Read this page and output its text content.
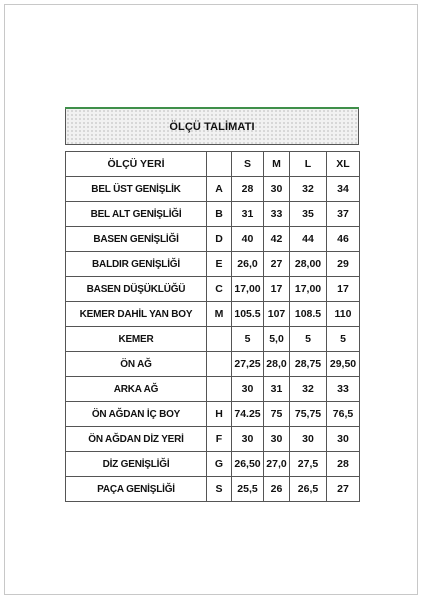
ÖLÇÜ TALİMATI
ÖLÇÜ YERİ		S	M	L	XL
BEL ÜST GENİŞLİK	A	28	30	32	34
BEL ALT GENİŞLİĞİ	B	31	33	35	37
BASEN GENİŞLİĞİ	D	40	42	44	46
BALDIR GENİŞLİĞİ	E	26,0	27	28,00	29
BASEN DÜŞÜKLÜĞÜ	C	17,00	17	17,00	17
KEMER DAHİL YAN BOY	M	105.5	107	108.5	110
KEMER		5	5,0	5	5
ÖN AĞ		27,25	28,0	28,75	29,50
ARKA AĞ		30	31	32	33
ÖN AĞDAN İÇ BOY	H	74.25	75	75,75	76,5
ÖN AĞDAN DİZ YERİ	F	30	30	30	30
DİZ GENİŞLİĞİ	G	26,50	27,0	27,5	28
PAÇA GENİŞLİĞİ	S	25,5	26	26,5	27
